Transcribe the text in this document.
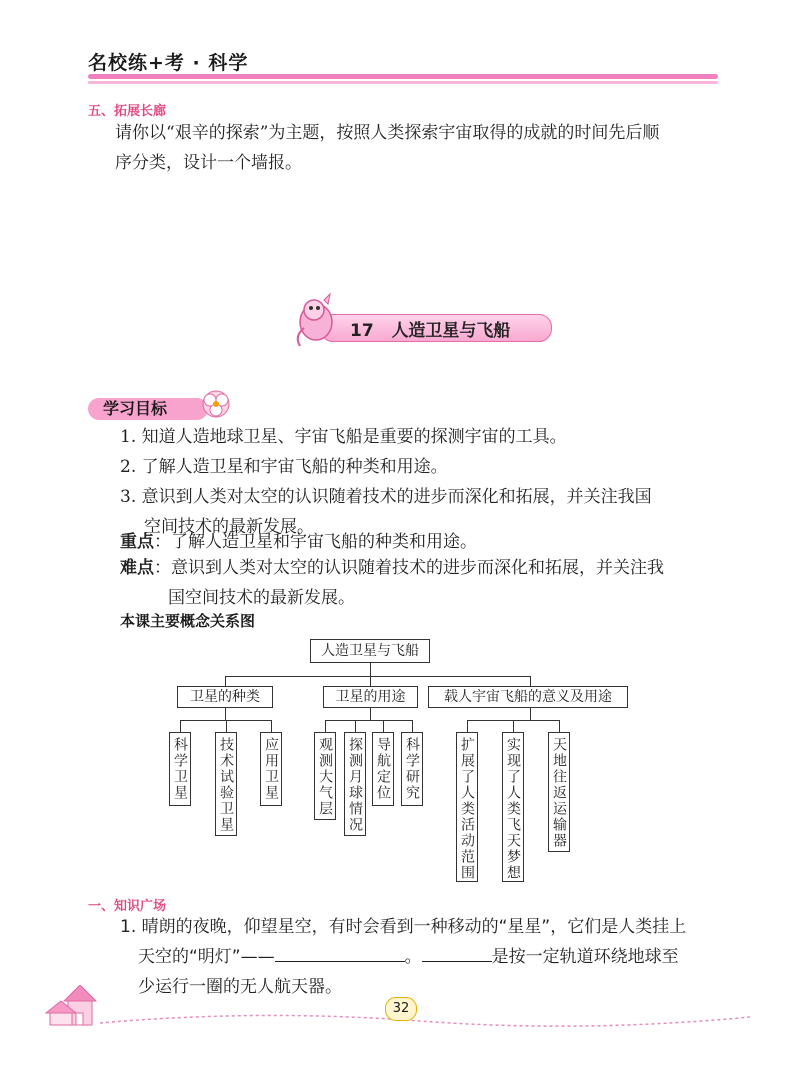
名校练+考 · 科学
五、拓展长廊
请你以“艰辛的探索”为主题，按照人类探索宇宙取得的成就的时间先后顺
序分类，设计一个墙报。
17 人造卫星与飞船
学习目标
1. 知道人造地球卫星、宇宙飞船是重要的探测宇宙的工具。
2. 了解人造卫星和宇宙飞船的种类和用途。
3. 意识到人类对太空的认识随着技术的进步而深化和拓展，并关注我国
空间技术的最新发展。
重点：了解人造卫星和宇宙飞船的种类和用途。
难点：意识到人类对太空的认识随着技术的进步而深化和拓展，并关注我
国空间技术的最新发展。
本课主要概念关系图
人造卫星与飞船
卫星的种类	卫星的用途	载人宇宙飞船的意义及用途
科学卫星 技术试验卫星 应用卫星	观测大气层 探测月球情况 导航定位 科学研究	扩展了人类活动范围 实现了人类飞天梦想 天地往返运输器
一、知识广场
1. 晴朗的夜晚，仰望星空，有时会看到一种移动的“星星”，它们是人类挂上
天空的“明灯”——	。	是按一定轨道环绕地球至
少运行一圈的无人航天器。
32
